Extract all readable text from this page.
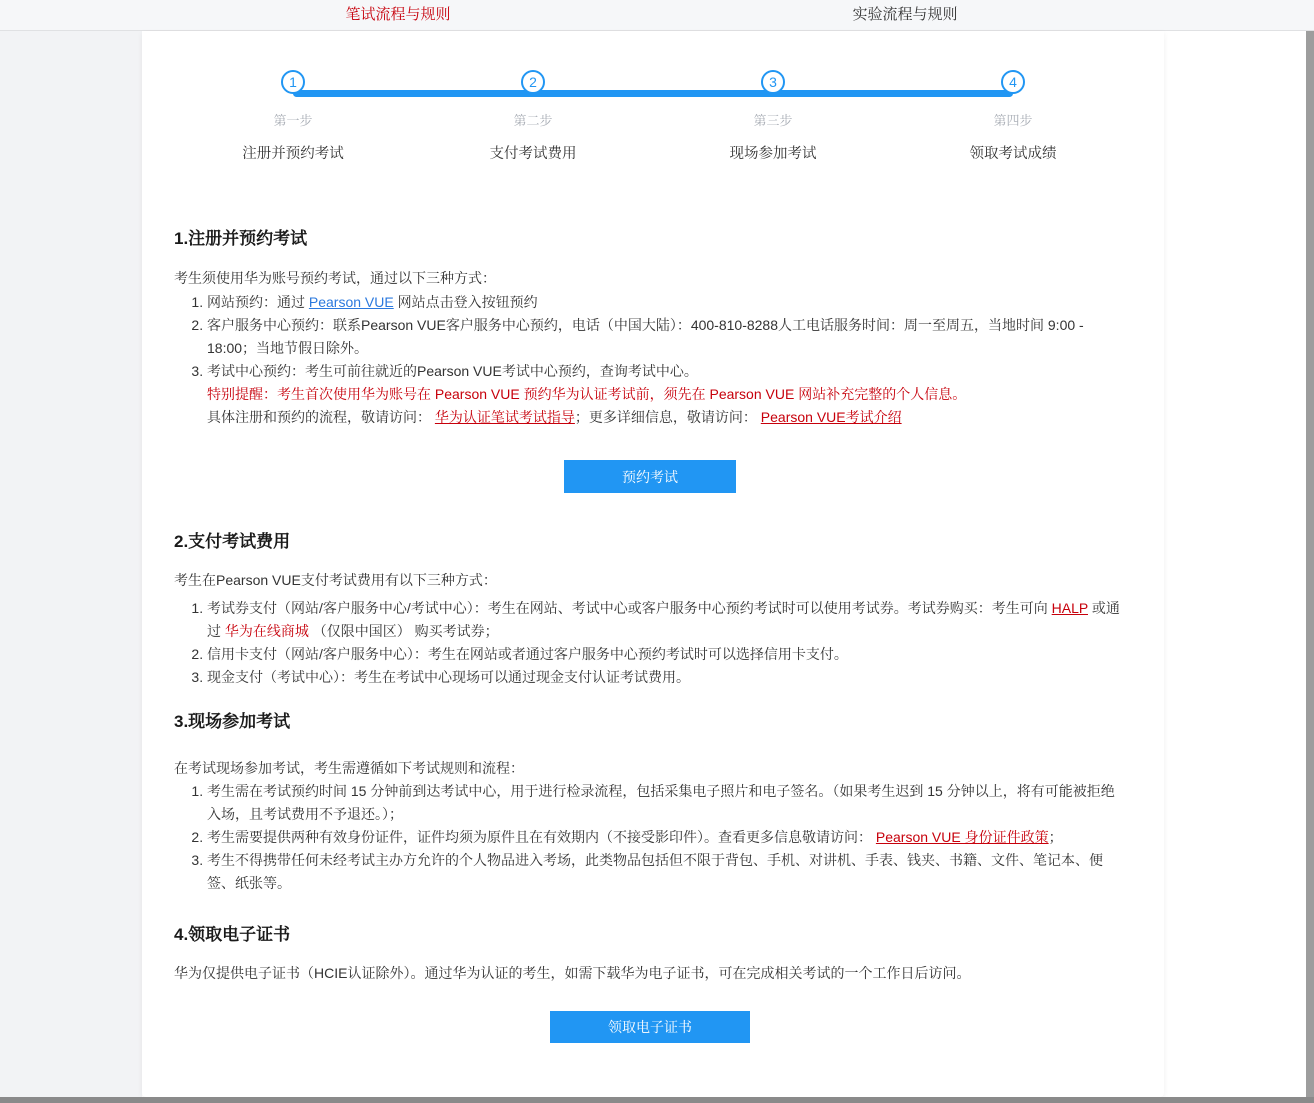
笔试流程与规则	实验流程与规则
1	2	3	4
第一步	第二步	第三步	第四步
注册并预约考试	支付考试费用	现场参加考试	领取考试成绩
1.注册并预约考试

考生须使用华为账号预约考试，通过以下三种方式：

1. 网站预约：通过 Pearson VUE 网站点击登入按钮预约
2. 客户服务中心预约：联系Pearson VUE客户服务中心预约，电话（中国大陆）：400-810-8288人工电话服务时间：周一至周五，当地时间 9:00 - 18:00；当地节假日除外。
3. 考试中心预约：考生可前往就近的Pearson VUE考试中心预约，查询考试中心。

特别提醒：考生首次使用华为账号在 Pearson VUE 预约华为认证考试前，须先在 Pearson VUE 网站补充完整的个人信息。

具体注册和预约的流程，敬请访问： 华为认证笔试考试指导；更多详细信息，敬请访问： Pearson VUE考试介绍

预约考试
2.支付考试费用

考生在Pearson VUE支付考试费用有以下三种方式：

1. 考试券支付（网站/客户服务中心/考试中心）：考生在网站、考试中心或客户服务中心预约考试时可以使用考试券。考试券购买：考生可向 HALP 或通过 华为在线商城 （仅限中国区） 购买考试券；
2. 信用卡支付（网站/客户服务中心）：考生在网站或者通过客户服务中心预约考试时可以选择信用卡支付。
3. 现金支付（考试中心）：考生在考试中心现场可以通过现金支付认证考试费用。
3.现场参加考试

在考试现场参加考试，考生需遵循如下考试规则和流程：

1. 考生需在考试预约时间 15 分钟前到达考试中心，用于进行检录流程，包括采集电子照片和电子签名。（如果考生迟到 15 分钟以上，将有可能被拒绝入场，且考试费用不予退还。）；
2. 考生需要提供两种有效身份证件，证件均须为原件且在有效期内（不接受影印件）。查看更多信息敬请访问： Pearson VUE 身份证件政策；
3. 考生不得携带任何未经考试主办方允许的个人物品进入考场，此类物品包括但不限于背包、手机、对讲机、手表、钱夹、书籍、文件、笔记本、便签、纸张等。
4.领取电子证书

华为仅提供电子证书（HCIE认证除外）。通过华为认证的考生，如需下载华为电子证书，可在完成相关考试的一个工作日后访问。

领取电子证书
